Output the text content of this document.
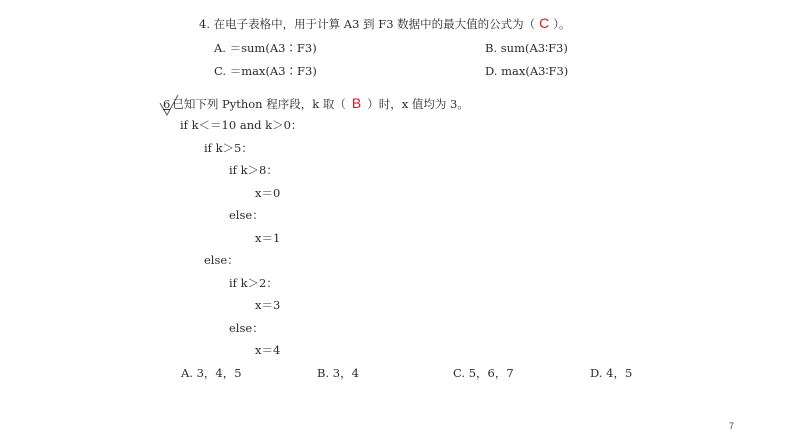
4. 在电子表格中，用于计算 A3 到 F3 数据中的最大值的公式为（ C ）。
A. ＝sum(A3∶F3)	B. sum(A3∶F3)
C. ＝max(A3∶F3)	D. max(A3∶F3)
6 已知下列 Python 程序段，k 取（ B ）时，x 值均为 3。
if k＜＝10 and k＞0：
if k＞5：
if k＞8：
x＝0
else：
x＝1
else：
if k＞2：
x＝3
else：
x＝4
A. 3，4，5	B. 3，4	C. 5，6，7	D. 4，5
7
